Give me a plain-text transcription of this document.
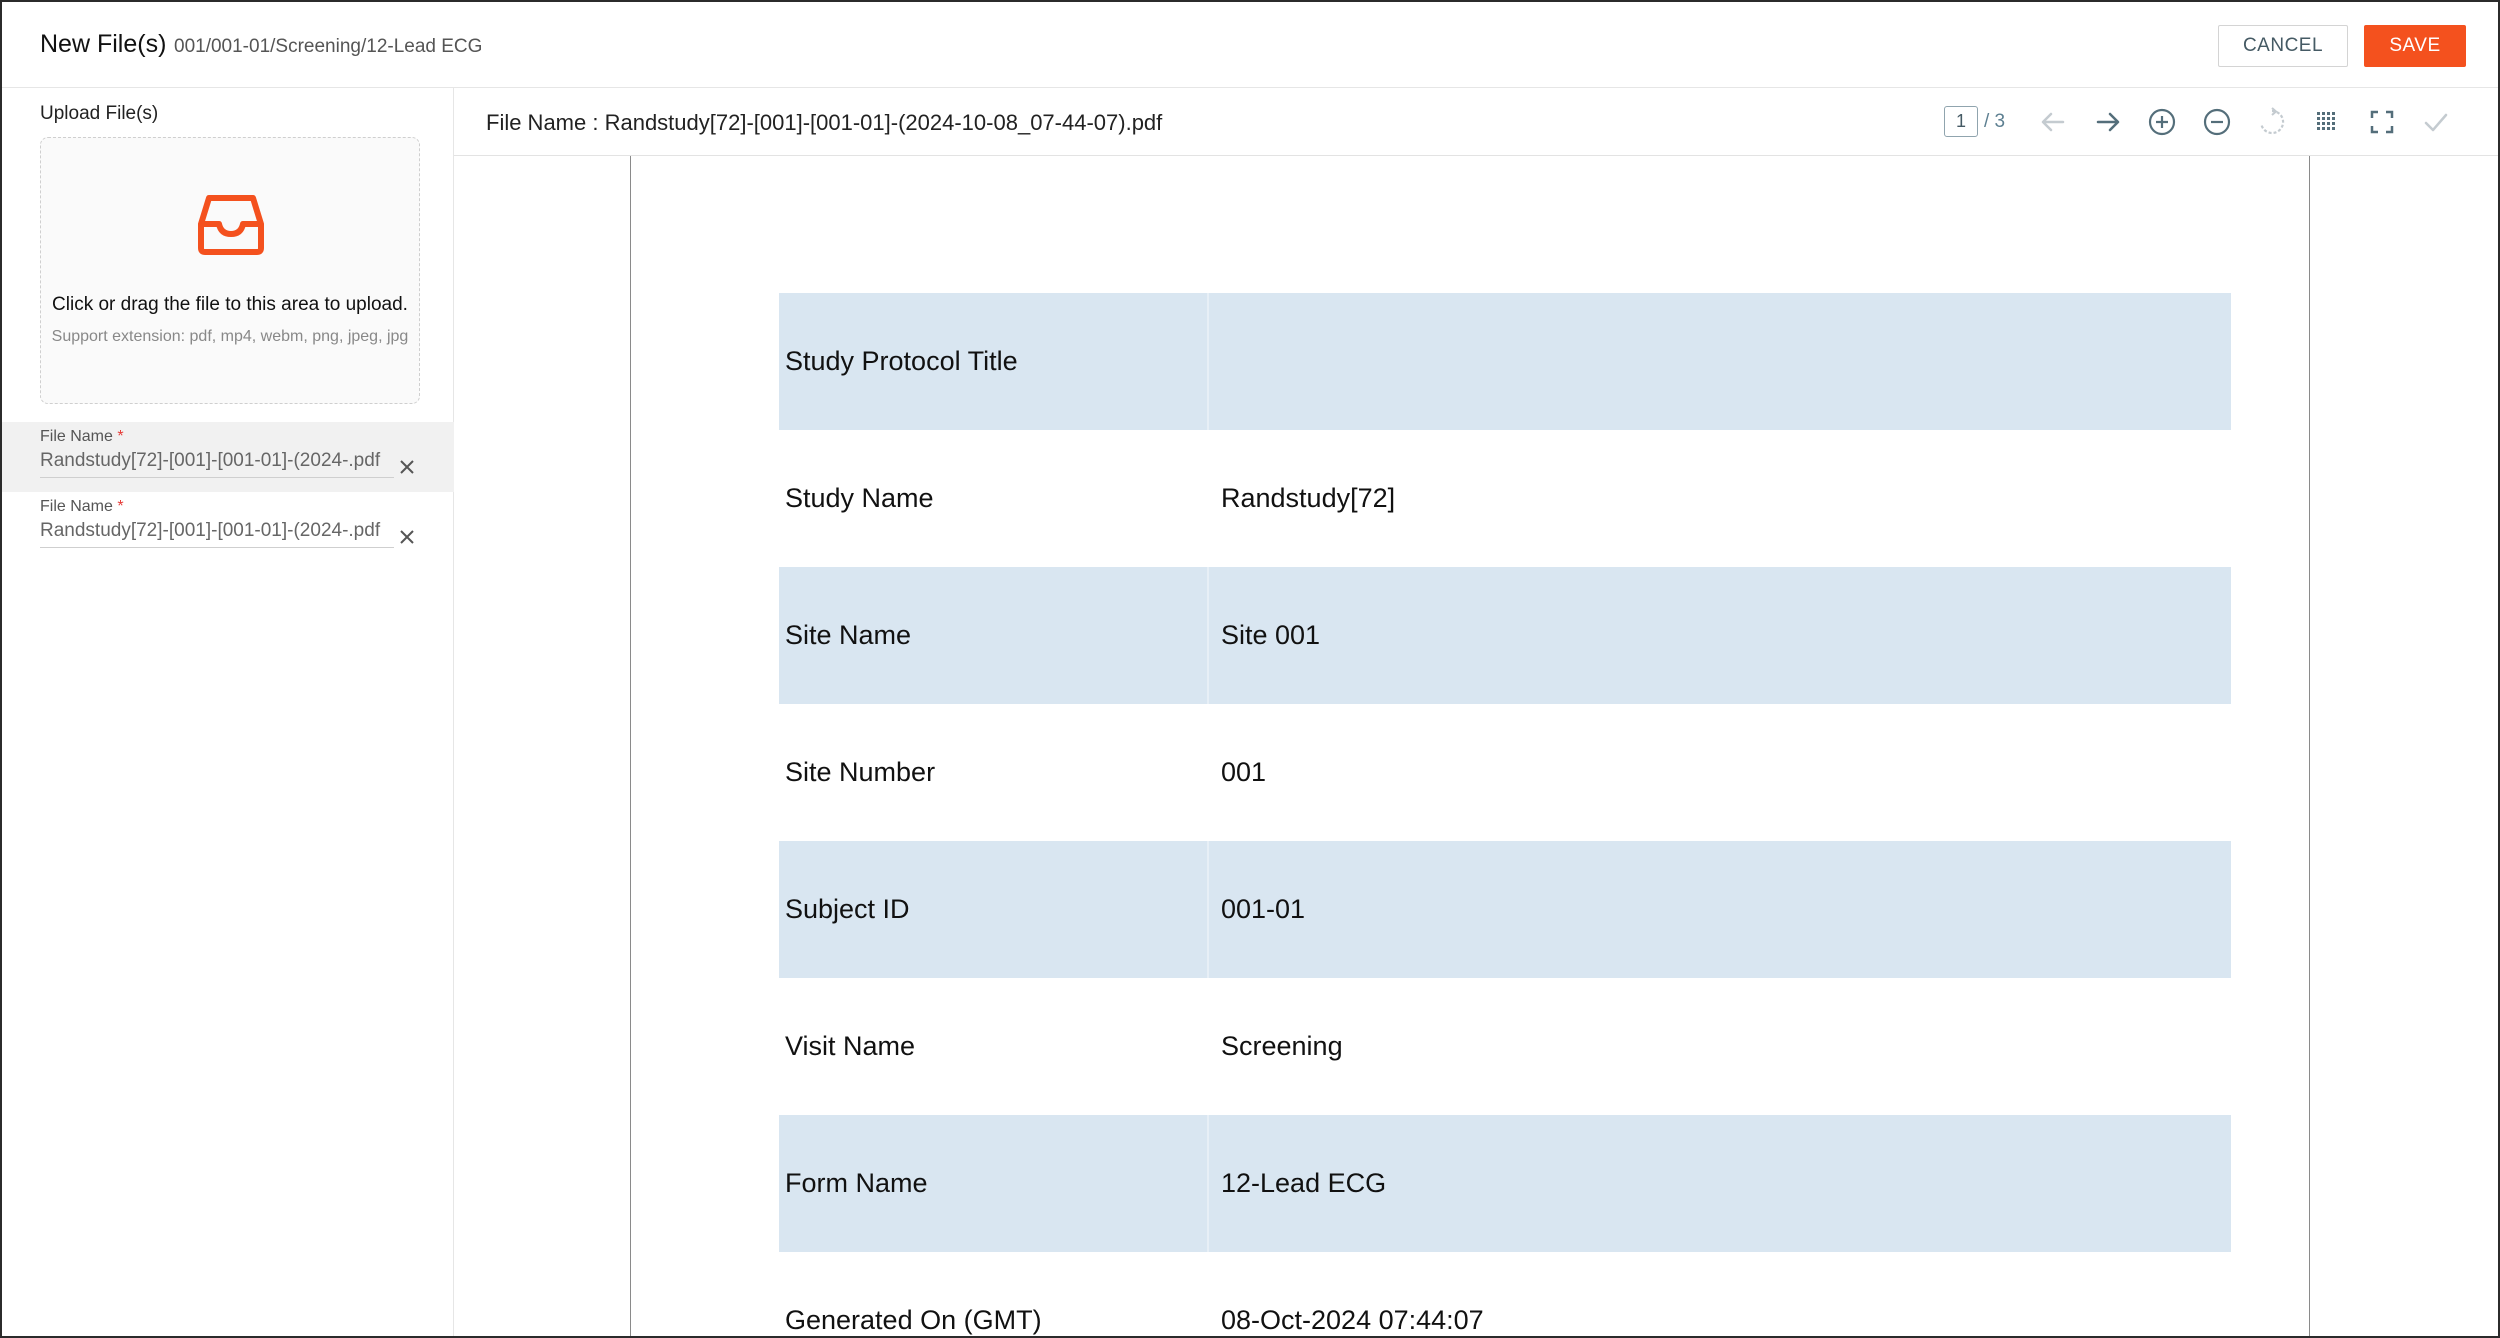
New File(s) 001/001-01/Screening/12-Lead ECG	CANCEL	SAVE
Upload File(s)
Click or drag the file to this area to upload.
Support extension: pdf, mp4, webm, png, jpeg, jpg
File Name *
Randstudy[72]-[001]-[001-01]-(2024-.pdf
File Name *
Randstudy[72]-[001]-[001-01]-(2024-.pdf
File Name : Randstudy[72]-[001]-[001-01]-(2024-10-08_07-44-07).pdf	1 / 3
Study Protocol Title
Study Name	Randstudy[72]
Site Name	Site 001
Site Number	001
Subject ID	001-01
Visit Name	Screening
Form Name	12-Lead ECG
Generated On (GMT)	08-Oct-2024 07:44:07
